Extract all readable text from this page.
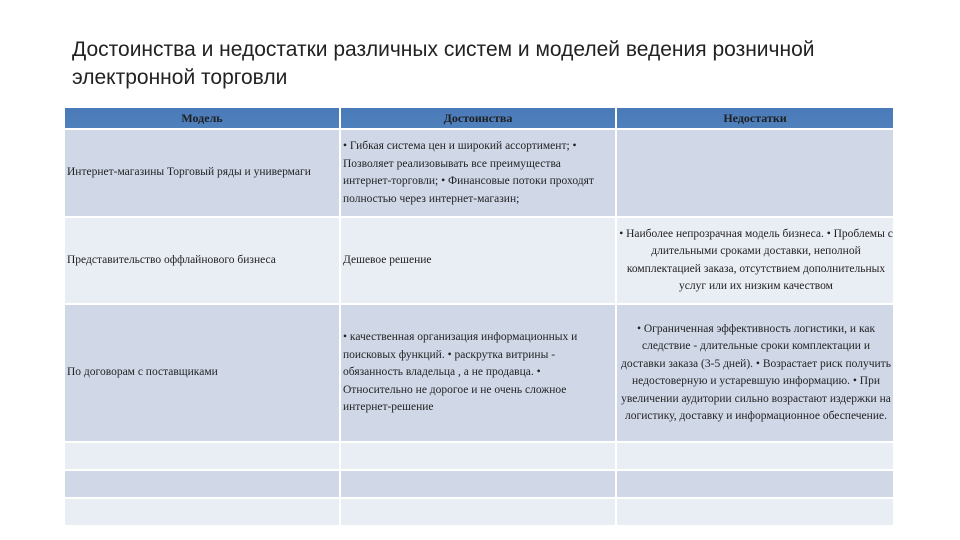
Достоинства и недостатки различных систем и моделей ведения розничной электронной торговли
Модель	Достоинства	Недостатки
Интернет-магазины Торговый ряды и универмаги	• Гибкая система цен и широкий ассортимент; • Позволяет реализовывать все преимущества интернет-торговли; • Финансовые потоки проходят полностью через интернет-магазин;	
Представительство оффлайнового бизнеса	Дешевое решение	• Наиболее непрозрачная модель бизнеса. • Проблемы с длительными сроками доставки, неполной комплектацией заказа, отсутствием дополнительных услуг или их низким качеством
По договорам с поставщиками	• качественная организация информационных и поисковых функций. • раскрутка витрины - обязанность владельца , а не продавца. • Относительно не дорогое и не очень сложное интернет-решение	• Ограниченная эффективность логистики, и как следствие - длительные сроки комплектации и доставки заказа (3-5 дней). • Возрастает риск получить недостоверную и устаревшую информацию. • При увеличении аудитории сильно возрастают издержки на логистику, доставку и информационное обеспечение.
